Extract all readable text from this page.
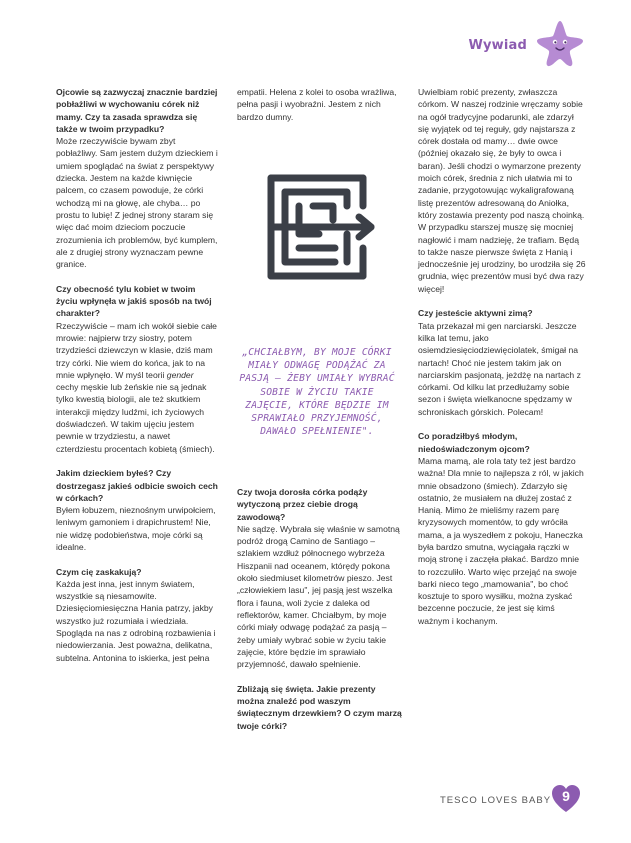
Wywiad

Ojcowie są zazwyczaj znacznie bardziej pobłażliwi w wychowaniu córek niż mamy. Czy ta zasada sprawdza się także w twoim przypadku?
Może rzeczywiście bywam zbyt pobłażliwy. Sam jestem dużym dzieckiem i umiem spoglądać na świat z perspektywy dziecka. Jestem na każde kiwnięcie palcem, co czasem powoduje, że córki wchodzą mi na głowę, ale chyba… po prostu to lubię! Z jednej strony staram się więc dać moim dzieciom poczucie zrozumienia ich problemów, być kumplem, ale z drugiej strony wyznaczam pewne granice.

Czy obecność tylu kobiet w twoim życiu wpłynęła w jakiś sposób na twój charakter?
Rzeczywiście – mam ich wokół siebie całe mrowie: najpierw trzy siostry, potem trzydzieści dziewczyn w klasie, dziś mam trzy córki. Nie wiem do końca, jak to na mnie wpłynęło. W myśl teorii gender cechy męskie lub żeńskie nie są jednak tylko kwestią biologii, ale też skutkiem interakcji między ludźmi, ich życiowych doświadczeń. W takim ujęciu jestem pewnie w trzydziestu, a nawet czterdziestu procentach kobietą (śmiech).

Jakim dzieckiem byłeś? Czy dostrzegasz jakieś odbicie swoich cech w córkach?
Byłem łobuzem, nieznośnym urwipołciem, leniwym gamoniem i drapichrustem! Nie, nie widzę podobieństwa, moje córki są idealne.

Czym cię zaskakują?
Każda jest inna, jest innym światem, wszystkie są niesamowite. Dziesięciomiesięczna Hania patrzy, jakby wszystko już rozumiała i wiedziała. Spogląda na nas z odrobiną rozbawienia i niedowierzania. Jest poważna, delikatna, subtelna. Antonina to iskierka, jest pełna

empatii. Helena z kolei to osoba wrażliwa, pełna pasji i wyobraźni. Jestem z nich bardzo dumny.

„CHCIAŁBYM, BY MOJE CÓRKI MIAŁY ODWAGĘ PODĄŻAĆ ZA PASJĄ – ŻEBY UMIAŁY WYBRAĆ SOBIE W ŻYCIU TAKIE ZAJĘCIE, KTÓRE BĘDZIE IM SPRAWIAŁO PRZYJEMNOŚĆ, DAWAŁO SPEŁNIENIE".

Czy twoja dorosła córka podąży wytyczoną przez ciebie drogą zawodową?
Nie sądzę. Wybrała się właśnie w samotną podróż drogą Camino de Santiago – szlakiem wzdłuż północnego wybrzeża Hiszpanii nad oceanem, którędy pokona około siedmiuset kilometrów pieszo. Jest „człowiekiem lasu", jej pasją jest wszelka flora i fauna, woli życie z daleka od reflektorów, kamer. Chciałbym, by moje córki miały odwagę podążać za pasją – żeby umiały wybrać sobie w życiu takie zajęcie, które będzie im sprawiało przyjemność, dawało spełnienie.

Zbliżają się święta. Jakie prezenty można znaleźć pod waszym świątecznym drzewkiem? O czym marzą twoje córki?

Uwielbiam robić prezenty, zwłaszcza córkom. W naszej rodzinie wręczamy sobie na ogół tradycyjne podarunki, ale zdarzył się wyjątek od tej reguły, gdy najstarsza z córek dostała od mamy… dwie owce (później okazało się, że były to owca i baran). Jeśli chodzi o wymarzone prezenty moich córek, średnia z nich ułatwia mi to zadanie, przygotowując wykaligrafowaną listę prezentów adresowaną do Aniołka, który zostawia prezenty pod naszą choinką.

W przypadku starszej muszę się mocniej nagłowić i mam nadzieję, że trafiam. Będą to także nasze pierwsze święta z Hanią i jednocześnie jej urodziny, bo urodziła się 26 grudnia, więc prezentów musi być dwa razy więcej!

Czy jesteście aktywni zimą?
Tata przekazał mi gen narciarski. Jeszcze kilka lat temu, jako osiemdziesięciodziewięciolatek, śmigał na nartach! Choć nie jestem takim jak on narciarskim pasjonatą, jeżdżę na nartach z córkami. Od kilku lat przedłużamy sobie sezon i święta wielkanocne spędzamy w schroniskach górskich. Polecam!

Co poradziłbyś młodym, niedoświadczonym ojcom?
Mama mamą, ale rola taty też jest bardzo ważna! Dla mnie to najlepsza z ról, w jakich mnie obsadzono (śmiech). Zdarzyło się ostatnio, że musiałem na dłużej zostać z Hanią. Mimo że mieliśmy razem parę kryzysowych momentów, to gdy wróciła mama, a ja wyszedłem z pokoju, Haneczka była bardzo smutna, wyciągała rączki w moją stronę i zaczęła płakać. Bardzo mnie to rozczuliło. Warto więc przejąć na swoje barki nieco tego „mamowania", bo choć kosztuje to sporo wysiłku, można zyskać bezcenne poczucie, że jest się kimś ważnym i kochanym.

TESCO LOVES BABY 9
